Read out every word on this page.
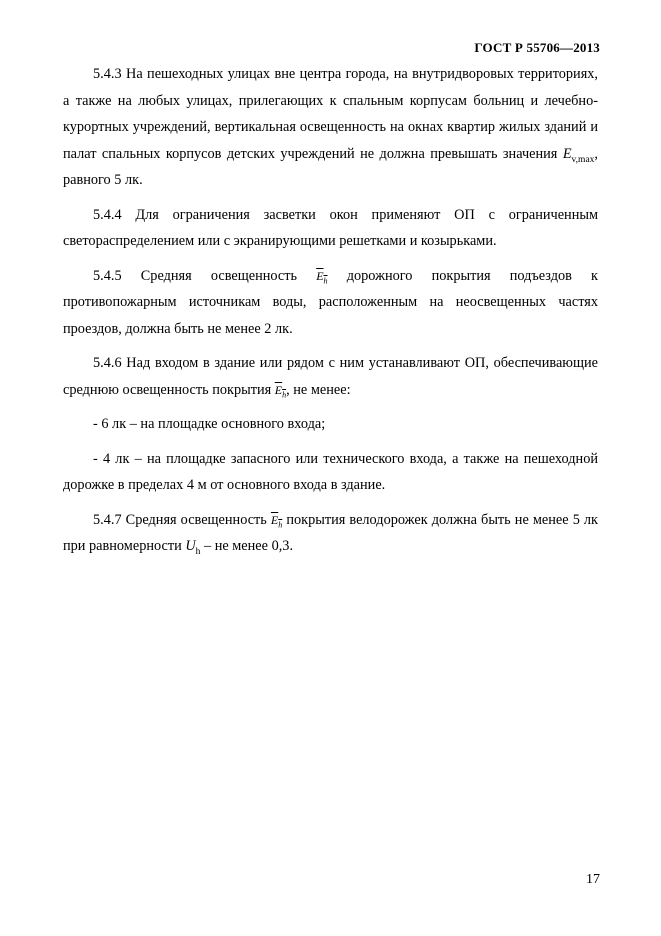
ГОСТ Р 55706—2013

5.4.3 На пешеходных улицах вне центра города, на внутридворовых территориях, а также на любых улицах, прилегающих к спальным корпусам больниц и лечебно-курортных учреждений, вертикальная освещенность на окнах квартир жилых зданий и палат спальных корпусов детских учреждений не должна превышать значения $E_{v,max}$, равного 5 лк.

5.4.4 Для ограничения засветки окон применяют ОП с ограниченным светораспределением или с экранирующими решетками и козырьками.

5.4.5 Средняя освещенность $E_h$ дорожного покрытия подъездов к противопожарным источникам воды, расположенным на неосвещенных частях проездов, должна быть не менее 2 лк.

5.4.6 Над входом в здание или рядом с ним устанавливают ОП, обеспечивающие среднюю освещенность покрытия $E_h$, не менее:

- 6 лк – на площадке основного входа;

- 4 лк – на площадке запасного или технического входа, а также на пешеходной дорожке в пределах 4 м от основного входа в здание.

5.4.7 Средняя освещенность $E_h$ покрытия велодорожек должна быть не менее 5 лк при равномерности $U_h$ – не менее 0,3.

17
